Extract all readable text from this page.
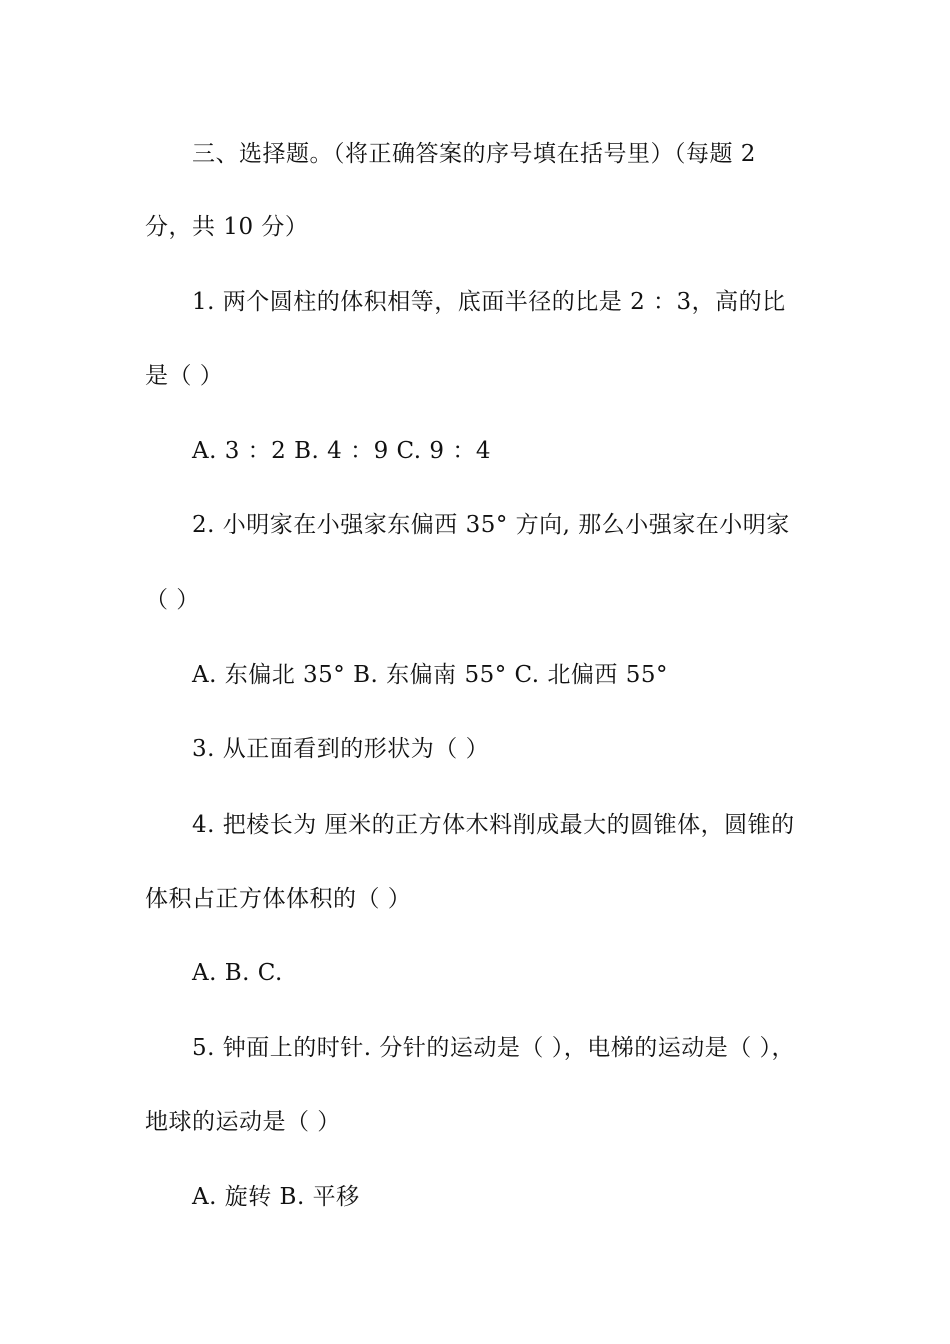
三、选择题。（将正确答案的序号填在括号里）（每题 2
分，共 10 分）
1. 两个圆柱的体积相等，底面半径的比是 2 ：3，高的比
是（ ）
A. 3 ：2 B. 4 ：9 C. 9 ：4
2. 小明家在小强家东偏西 35° 方向, 那么小强家在小明家
（ ）
A. 东偏北 35° B. 东偏南 55° C. 北偏西 55°
3. 从正面看到的形状为（ ）
4. 把棱长为 厘米的正方体木料削成最大的圆锥体，圆锥的
体积占正方体体积的（ ）
A. B. C.
5. 钟面上的时针. 分针的运动是（ ），电梯的运动是（ ），
地球的运动是（ ）
A. 旋转 B. 平移
